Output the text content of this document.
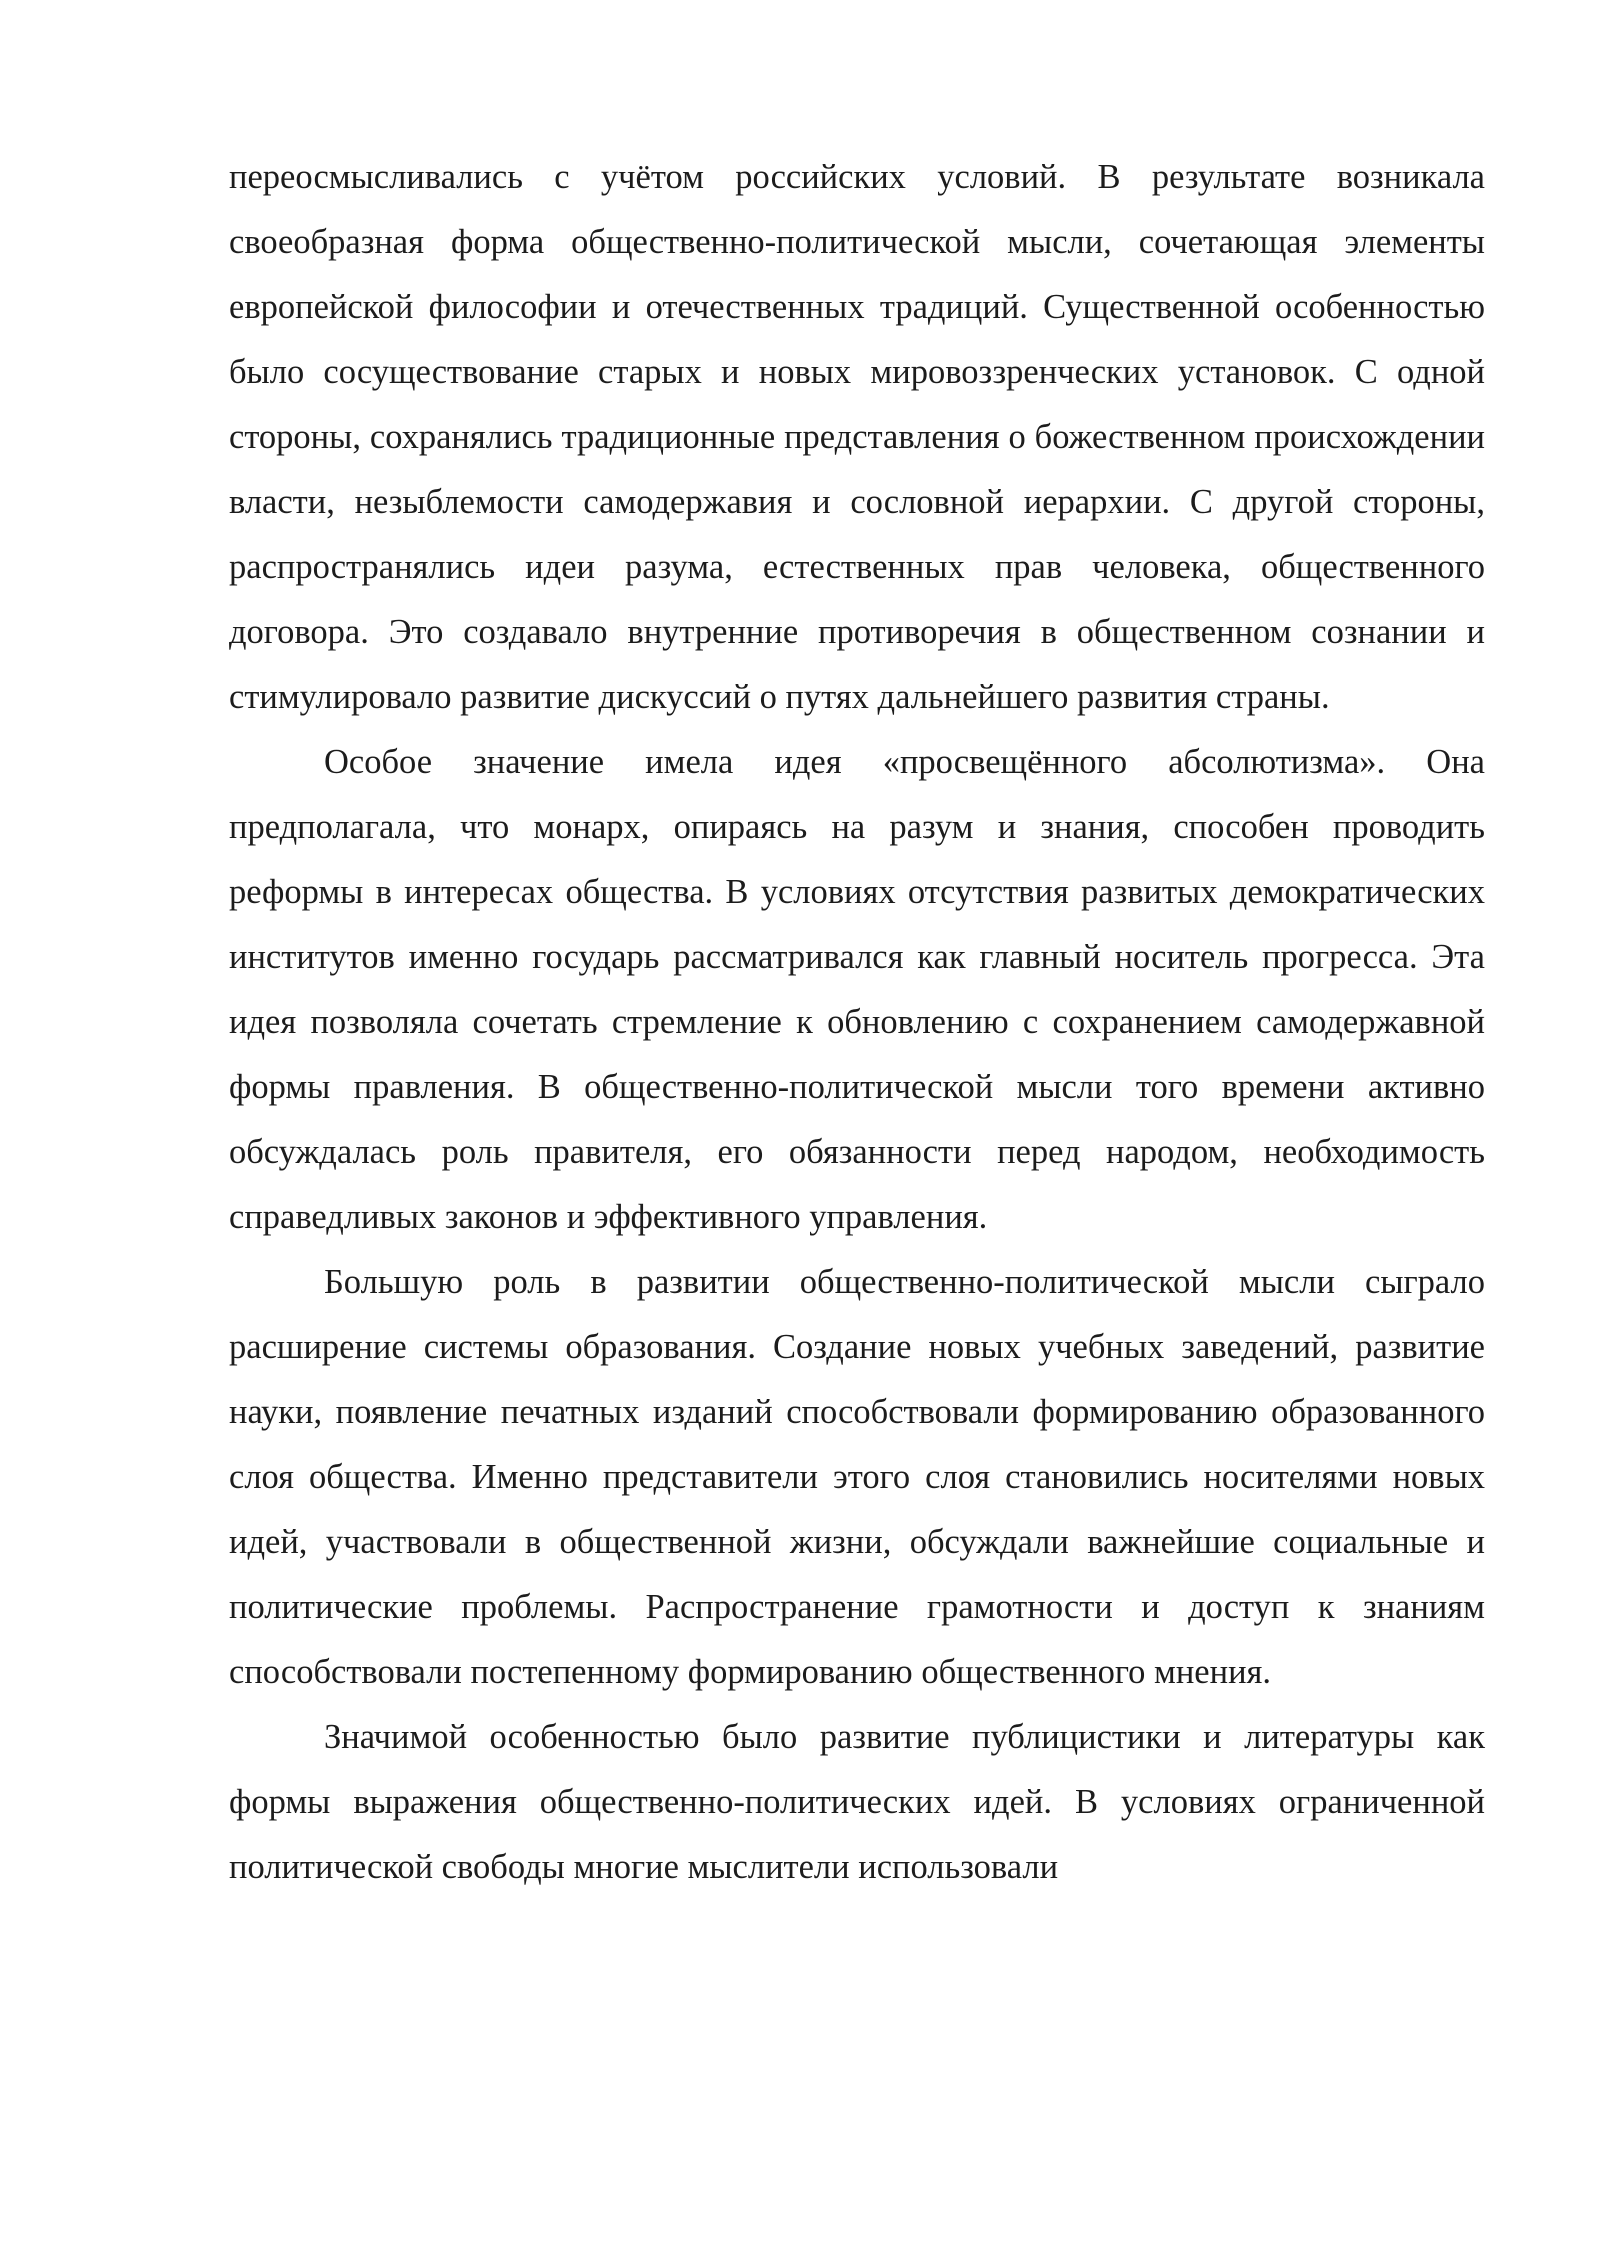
переосмысливались с учётом российских условий. В результате возникала своеобразная форма общественно-политической мысли, сочетающая элементы европейской философии и отечественных традиций. Существенной особенностью было сосуществование старых и новых мировоззренческих установок. С одной стороны, сохранялись традиционные представления о божественном происхождении власти, незыблемости самодержавия и сословной иерархии. С другой стороны, распространялись идеи разума, естественных прав человека, общественного договора. Это создавало внутренние противоречия в общественном сознании и стимулировало развитие дискуссий о путях дальнейшего развития страны.

Особое значение имела идея «просвещённого абсолютизма». Она предполагала, что монарх, опираясь на разум и знания, способен проводить реформы в интересах общества. В условиях отсутствия развитых демократических институтов именно государь рассматривался как главный носитель прогресса. Эта идея позволяла сочетать стремление к обновлению с сохранением самодержавной формы правления. В общественно-политической мысли того времени активно обсуждалась роль правителя, его обязанности перед народом, необходимость справедливых законов и эффективного управления.

Большую роль в развитии общественно-политической мысли сыграло расширение системы образования. Создание новых учебных заведений, развитие науки, появление печатных изданий способствовали формированию образованного слоя общества. Именно представители этого слоя становились носителями новых идей, участвовали в общественной жизни, обсуждали важнейшие социальные и политические проблемы. Распространение грамотности и доступ к знаниям способствовали постепенному формированию общественного мнения.

Значимой особенностью было развитие публицистики и литературы как формы выражения общественно-политических идей. В условиях ограниченной политической свободы многие мыслители использовали
